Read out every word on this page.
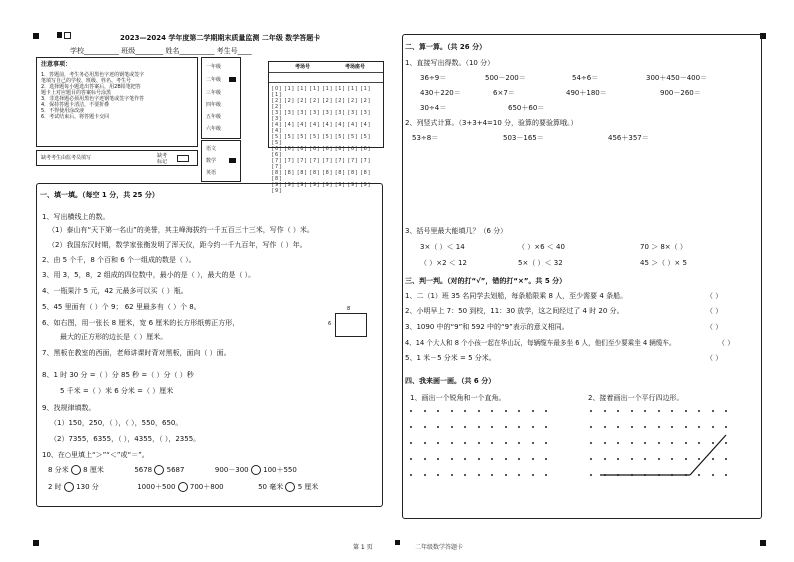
2023—2024 学年度第二学期期末质量监测 二年级 数学答题卡
学校__________ 班级________ 姓名__________ 考生号____
注意事项：
1．答题前，考生务必用黑色字迹的钢笔或签字
笔填写自己的学校、班级、姓名、考生号
2．选择题每小题选出答案后，用2B铅笔把答
题卡上对应题目的答案标号涂黑
3．非选择题必须用黑色字迹钢笔或签字笔作答
4．保持答题卡清洁，不要折叠
5．不得使用涂改液
6．考试结束后，将答题卡交回
缺考考生由监考员填写	缺考 标记
一年级
二年级
三年级
四年级
五年级
六年级
语文
数学
英语
考场号	考场座号
[0] [1] [1] [1] [1] [1] [1] [1] [1]
[2] [2] [2] [2] [2] [2] [2] [2] [2]
[3] [3] [3] [3] [3] [3] [3] [3] [3]
[4] [4] [4] [4] [4] [4] [4] [4] [4]
[5] [5] [5] [5] [5] [5] [5] [5] [5]
[6] [6] [6] [6] [6] [6] [6] [6] [6]
[7] [7] [7] [7] [7] [7] [7] [7] [7]
[8] [8] [8] [8] [8] [8] [8] [8] [8]
[9] [9] [9] [9] [9] [9] [9] [9] [9]
一、填一填。（每空 1 分，共 25 分）
1、写出横线上的数。
（1）泰山有“天下第一名山”的美誉，其主峰海拔约一千五百三十三米，写作（ ）米。
（2）我国东汉时期，数学家张衡发明了浑天仪，距今约一千九百年，写作（ ）年。
2、由 5 个千，8 个百和 6 个一组成的数是（ ）。
3、用 3，5，8，2 组成的四位数中，最小的是（ ），最大的是（ ）。
4、一瓶果汁 5 元，42 元最多可以买（ ）瓶。
5、45 里面有（ ）个 9； 62 里最多有（ ）个 8。
6、如右图，用一张长 8 厘米，宽 6 厘米的长方形纸剪正方形，
最大的正方形的边长是（ ）厘米。
8
6
7、黑板在教室的西面，老师讲课时背对黑板，面向（ ）面。
8、1 时 30 分 =（ ）分 85 秒 =（ ）分（ ）秒
5 千米 =（ ）米 6 分米 =（ ）厘米
9、找规律填数。
（1）150，250，（ ），（ ），550，650。
（2）7355，6355，（ ），4355，（ ），2355。
10、在○里填上“＞”“＜”或“＝”。
8 分米 8 厘米	5678 5687	900－300 100＋550
2 时 130 分	1000＋500 700＋800	50 毫米 5 厘米
二、算一算。（共 26 分）
1、直接写出得数。（10 分）
36÷9＝	500－200＝	54÷6＝	300＋450－400＝
430＋220＝	6×7＝	490＋180＝	900－260＝
30÷4＝	650＋60＝
2、列竖式计算。（3+3+4=10 分，验算的要验算哦。）
53÷8＝	503－165＝	456＋357＝
3、括号里最大能填几？（6 分）
3×（ ）＜ 14	（ ）×6 ＜ 40	70 ＞ 8×（ ）
（ ）×2 ＜ 12	5×（ ）＜ 32	45 ＞（ ）× 5
三、判一判。（对的打“√”，错的打“×”。共 5 分）
1、二（1）班 35 名同学去划船，每条船限乘 8 人，至少需要 4 条船。	（ ）
2、小明早上 7：50 到校，11：30 放学，这之间经过了 4 时 20 分。	（ ）
3、1090 中的“9”和 592 中的“9”表示的意义相同。	（ ）
4、14 个大人和 8 个小孩一起在华山玩，每辆缆车最多坐 6 人，他们至少要乘坐 4 辆缆车。	（ ）
5、1 米－5 分米 = 5 分米。	（ ）
四、我来画一画。（共 6 分）
1、画出一个锐角和一个直角。	2、接着画出一个平行四边形。
第 1 页	二年级数学答题卡
